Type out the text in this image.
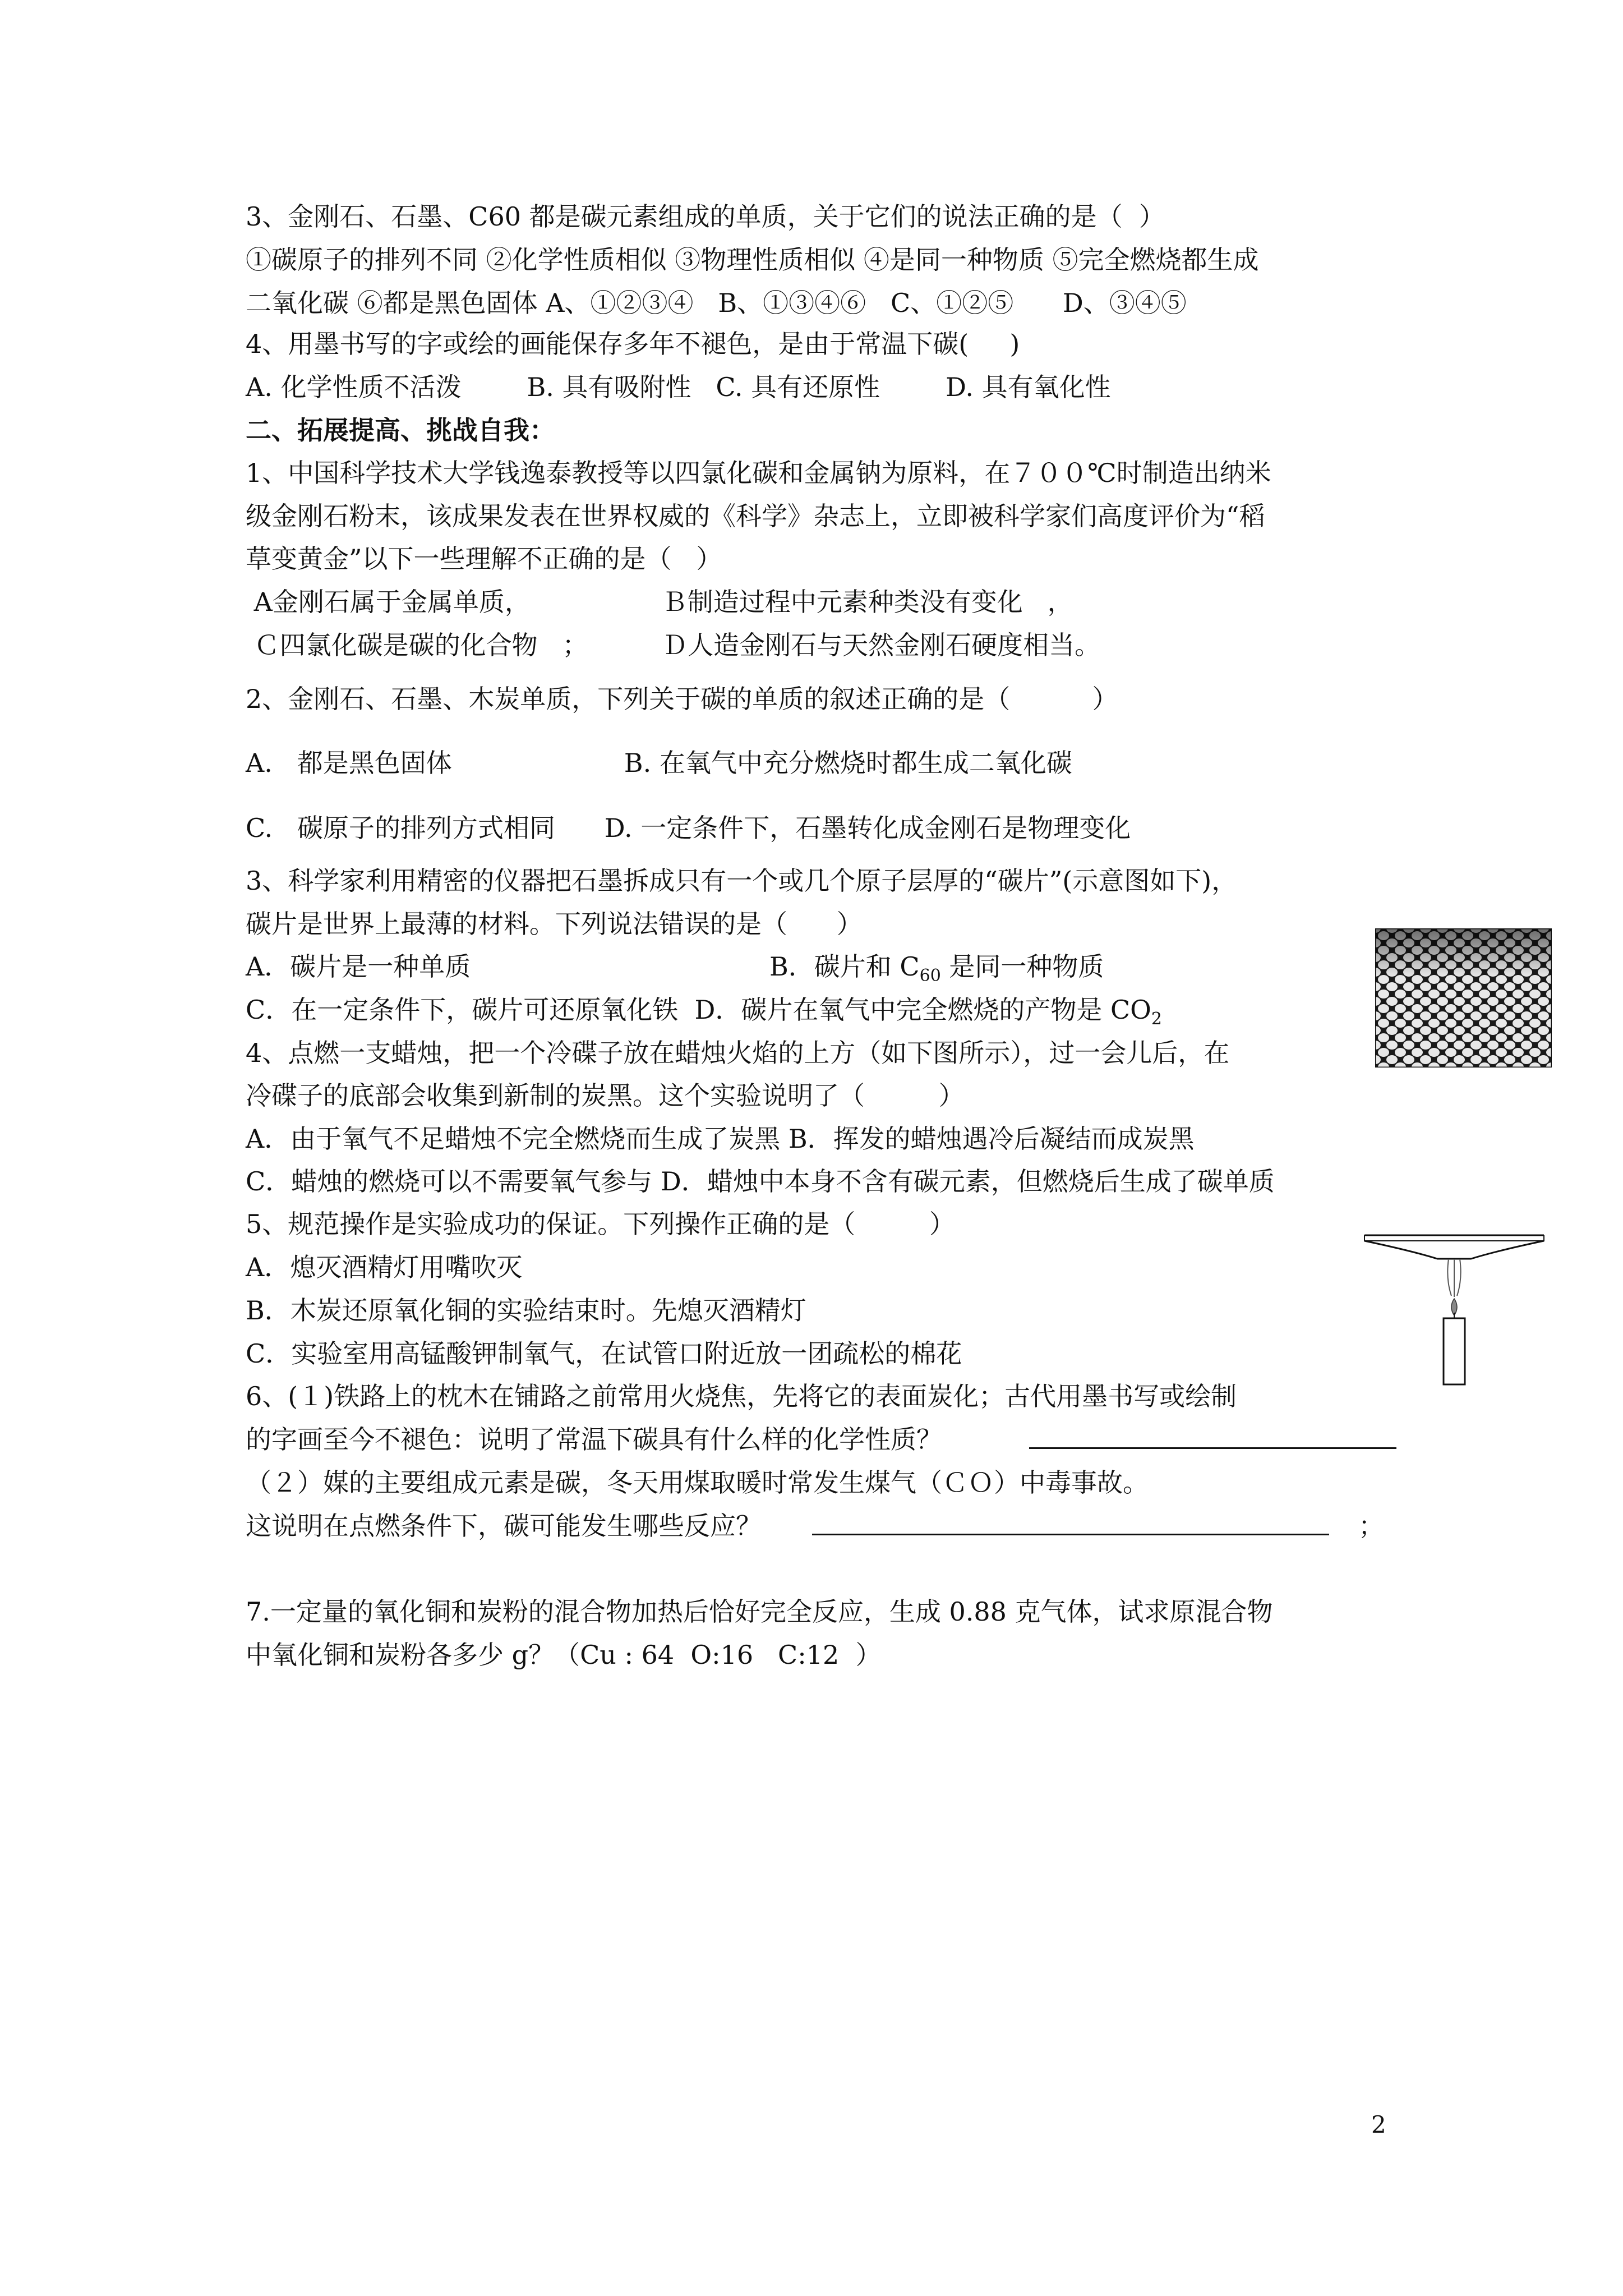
3、金刚石、石墨、C60 都是碳元素组成的单质，关于它们的说法正确的是（  ）
①碳原子的排列不同 ②化学性质相似 ③物理性质相似 ④是同一种物质 ⑤完全燃烧都生成
二氧化碳 ⑥都是黑色固体 A、①②③④   B、①③④⑥   C、①②⑤      D、③④⑤
4、用墨书写的字或绘的画能保存多年不褪色，是由于常温下碳(     )
A. 化学性质不活泼        B. 具有吸附性   C. 具有还原性        D. 具有氧化性
二、拓展提高、挑战自我：
1、中国科学技术大学钱逸泰教授等以四氯化碳和金属钠为原料，在７００℃时制造出纳米
级金刚石粉末，该成果发表在世界权威的《科学》杂志上，立即被科学家们高度评价为“稻
草变黄金”以下一些理解不正确的是（   ）
A金刚石属于金属单质，                Ｂ制造过程中元素种类没有变化   ，
Ｃ四氯化碳是碳的化合物   ；         Ｄ人造金刚石与天然金刚石硬度相当。
2、金刚石、石墨、木炭单质，下列关于碳的单质的叙述正确的是（          ）
A.   都是黑色固体                     B. 在氧气中充分燃烧时都生成二氧化碳
C.   碳原子的排列方式相同      D. 一定条件下，石墨转化成金刚石是物理变化
3、科学家利用精密的仪器把石墨拆成只有一个或几个原子层厚的“碳片”(示意图如下)，
碳片是世界上最薄的材料。下列说法错误的是（      ）
A．碳片是一种单质	B．碳片和 $C_{60}$ 是同一种物质
C．在一定条件下，碳片可还原氧化铁  D．碳片在氧气中完全燃烧的产物是 $CO_2$
4、点燃一支蜡烛，把一个冷碟子放在蜡烛火焰的上方（如下图所示），过一会儿后，在
冷碟子的底部会收集到新制的炭黑。这个实验说明了（         ）
A．由于氧气不足蜡烛不完全燃烧而生成了炭黑 B．挥发的蜡烛遇冷后凝结而成炭黑
C．蜡烛的燃烧可以不需要氧气参与 D．蜡烛中本身不含有碳元素，但燃烧后生成了碳单质
5、规范操作是实验成功的保证。下列操作正确的是（         ）
A．熄灭酒精灯用嘴吹灭
B．木炭还原氧化铜的实验结束时。先熄灭酒精灯
C．实验室用高锰酸钾制氧气，在试管口附近放一团疏松的棉花
6、(１)铁路上的枕木在铺路之前常用火烧焦，先将它的表面炭化；古代用墨书写或绘制
的字画至今不褪色：说明了常温下碳具有什么样的化学性质？
（２）媒的主要组成元素是碳，冬天用煤取暖时常发生煤气（ＣＯ）中毒事故。
这说明在点燃条件下，碳可能发生哪些反应？	；
7.一定量的氧化铜和炭粉的混合物加热后恰好完全反应，生成 0.88 克气体，试求原混合物
中氧化铜和炭粉各多少 g？（Cu : 64  O:16   C:12  ）
2
